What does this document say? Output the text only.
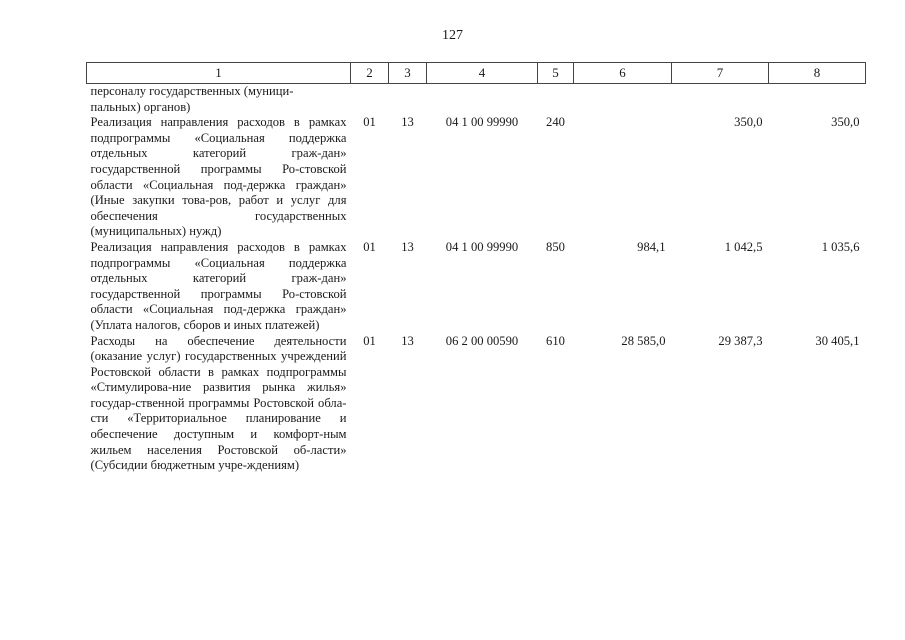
127
1	2	3	4	5	6	7	8
персоналу государственных (муници-
пальных) органов)							
Реализация направления расходов в рамках подпрограммы «Социальная поддержка отдельных категорий граж-дан» государственной программы Ро-стовской области «Социальная под-держка граждан» (Иные закупки това-ров, работ и услуг для обеспечения государственных (муниципальных) нужд)	01	13	04 1 00 99990	240		350,0	350,0
Реализация направления расходов в рамках подпрограммы «Социальная поддержка отдельных категорий граж-дан» государственной программы Ро-стовской области «Социальная под-держка граждан» (Уплата налогов, сборов и иных платежей)	01	13	04 1 00 99990	850	984,1	1 042,5	1 035,6
Расходы на обеспечение деятельности (оказание услуг) государственных учреждений Ростовской области в рамках подпрограммы «Стимулирова-ние развития рынка жилья» государ-ственной программы Ростовской обла-сти «Территориальное планирование и обеспечение доступным и комфорт-ным жильем населения Ростовской об-ласти» (Субсидии бюджетным учре-ждениям)	01	13	06 2 00 00590	610	28 585,0	29 387,3	30 405,1
